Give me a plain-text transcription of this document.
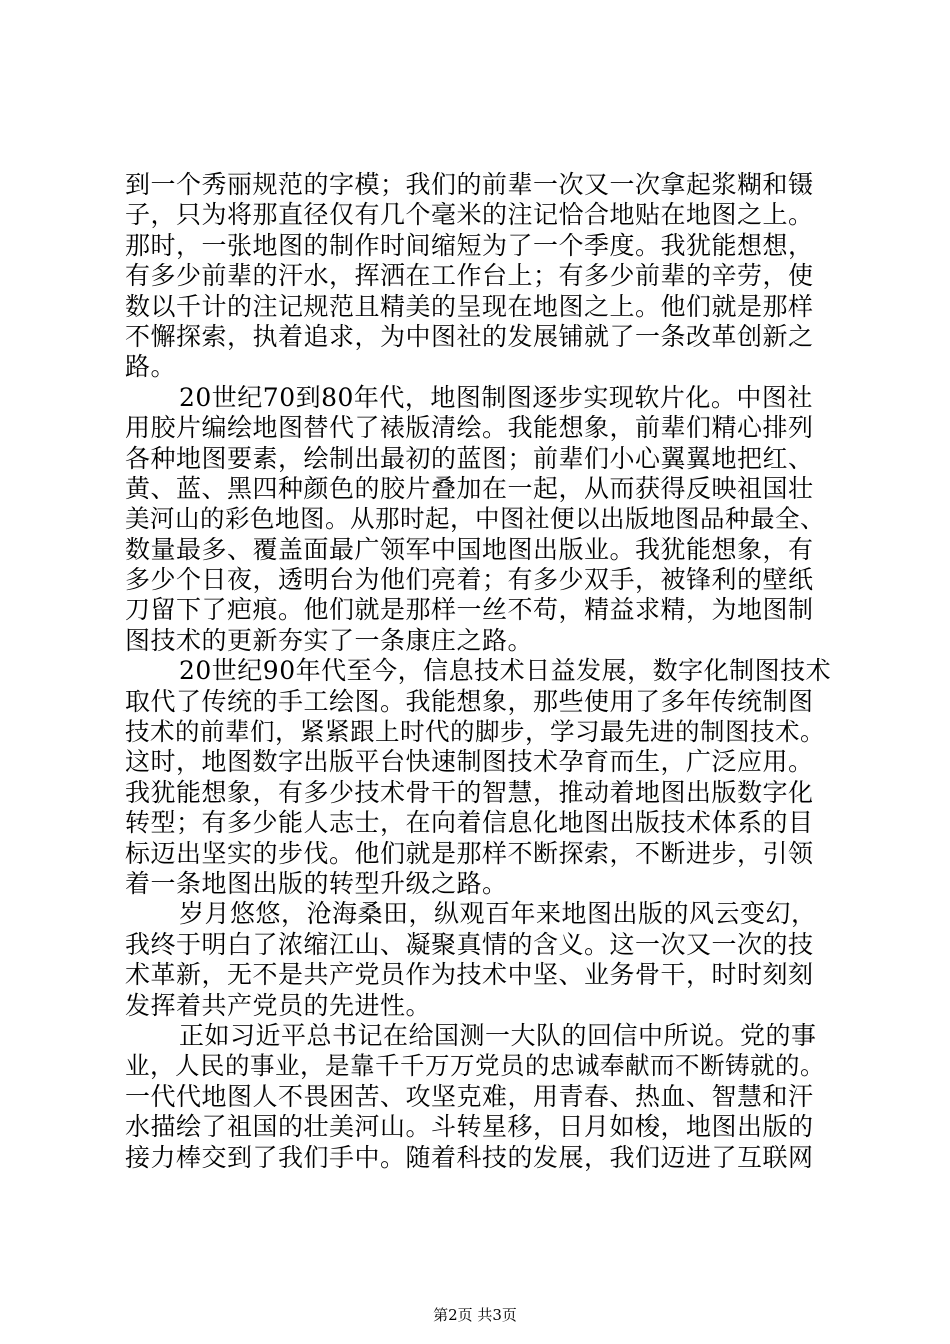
到一个秀丽规范的字模；我们的前辈一次又一次拿起浆糊和镊
子，只为将那直径仅有几个毫米的注记恰合地贴在地图之上。
那时，一张地图的制作时间缩短为了一个季度。我犹能想想，
有多少前辈的汗水，挥洒在工作台上；有多少前辈的辛劳，使
数以千计的注记规范且精美的呈现在地图之上。他们就是那样
不懈探索，执着追求，为中图社的发展铺就了一条改革创新之
路。
20世纪70到80年代，地图制图逐步实现软片化。中图社
用胶片编绘地图替代了裱版清绘。我能想象，前辈们精心排列
各种地图要素，绘制出最初的蓝图；前辈们小心翼翼地把红、
黄、蓝、黑四种颜色的胶片叠加在一起，从而获得反映祖国壮
美河山的彩色地图。从那时起，中图社便以出版地图品种最全、
数量最多、覆盖面最广领军中国地图出版业。我犹能想象，有
多少个日夜，透明台为他们亮着；有多少双手，被锋利的壁纸
刀留下了疤痕。他们就是那样一丝不苟，精益求精，为地图制
图技术的更新夯实了一条康庄之路。
20世纪90年代至今，信息技术日益发展，数字化制图技术
取代了传统的手工绘图。我能想象，那些使用了多年传统制图
技术的前辈们，紧紧跟上时代的脚步，学习最先进的制图技术。
这时，地图数字出版平台快速制图技术孕育而生，广泛应用。
我犹能想象，有多少技术骨干的智慧，推动着地图出版数字化
转型；有多少能人志士，在向着信息化地图出版技术体系的目
标迈出坚实的步伐。他们就是那样不断探索，不断进步，引领
着一条地图出版的转型升级之路。
岁月悠悠，沧海桑田，纵观百年来地图出版的风云变幻，
我终于明白了浓缩江山、凝聚真情的含义。这一次又一次的技
术革新，无不是共产党员作为技术中坚、业务骨干，时时刻刻
发挥着共产党员的先进性。
正如习近平总书记在给国测一大队的回信中所说。党的事
业，人民的事业，是靠千千万万党员的忠诚奉献而不断铸就的。
一代代地图人不畏困苦、攻坚克难，用青春、热血、智慧和汗
水描绘了祖国的壮美河山。斗转星移，日月如梭，地图出版的
接力棒交到了我们手中。随着科技的发展，我们迈进了互联网
第2页 共3页
